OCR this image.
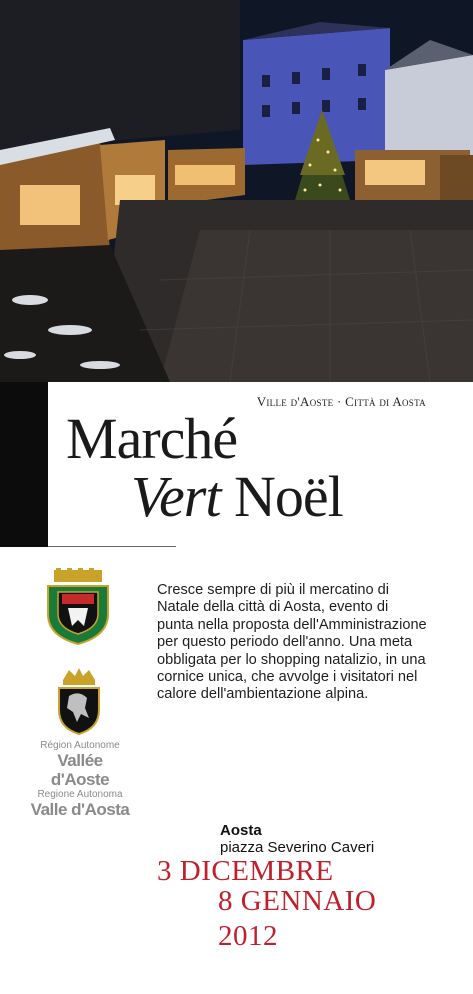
Ville d'Aoste · Città di Aosta
Marché
Vert Noël
Région Autonome
Vallée d'Aoste
Regione Autonoma
Valle d'Aosta
Cresce sempre di più il mercatino di Natale della città di Aosta, evento di punta nella proposta dell'Amministrazione per questo periodo dell'anno. Una meta obbligata per lo shopping natalizio, in una cornice unica, che avvolge i visitatori nel calore dell'ambientazione alpina.
Aosta
piazza Severino Caveri
3 DICEMBRE
8 GENNAIO
2012
